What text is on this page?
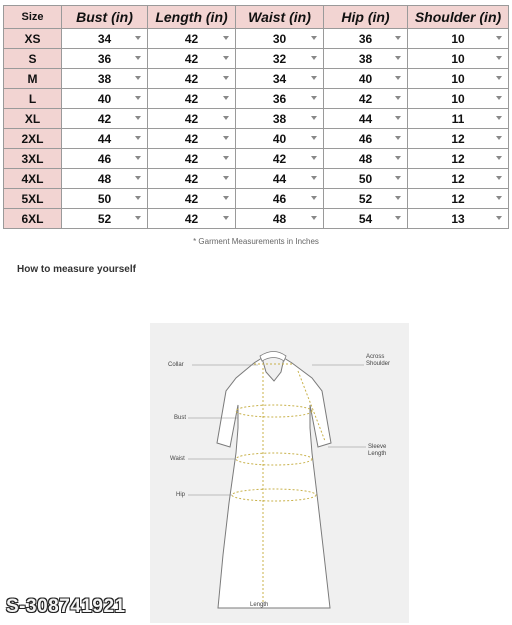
Size	Bust (in)	Length (in)	Waist (in)	Hip (in)	Shoulder (in)
XS	34	42	30	36	10

S	36	42	32	38	10

M	38	42	34	40	10

L	40	42	36	42	10

XL	42	42	38	44	11

2XL	44	42	40	46	12

3XL	46	42	42	48	12

4XL	48	42	44	50	12

5XL	50	42	46	52	12

6XL	52	42	48	54	13
* Garment Measurements in Inches
How to measure yourself
Collar
Across Shoulder
Bust
Sleeve Length
Waist
Hip
Length
S-308741921
